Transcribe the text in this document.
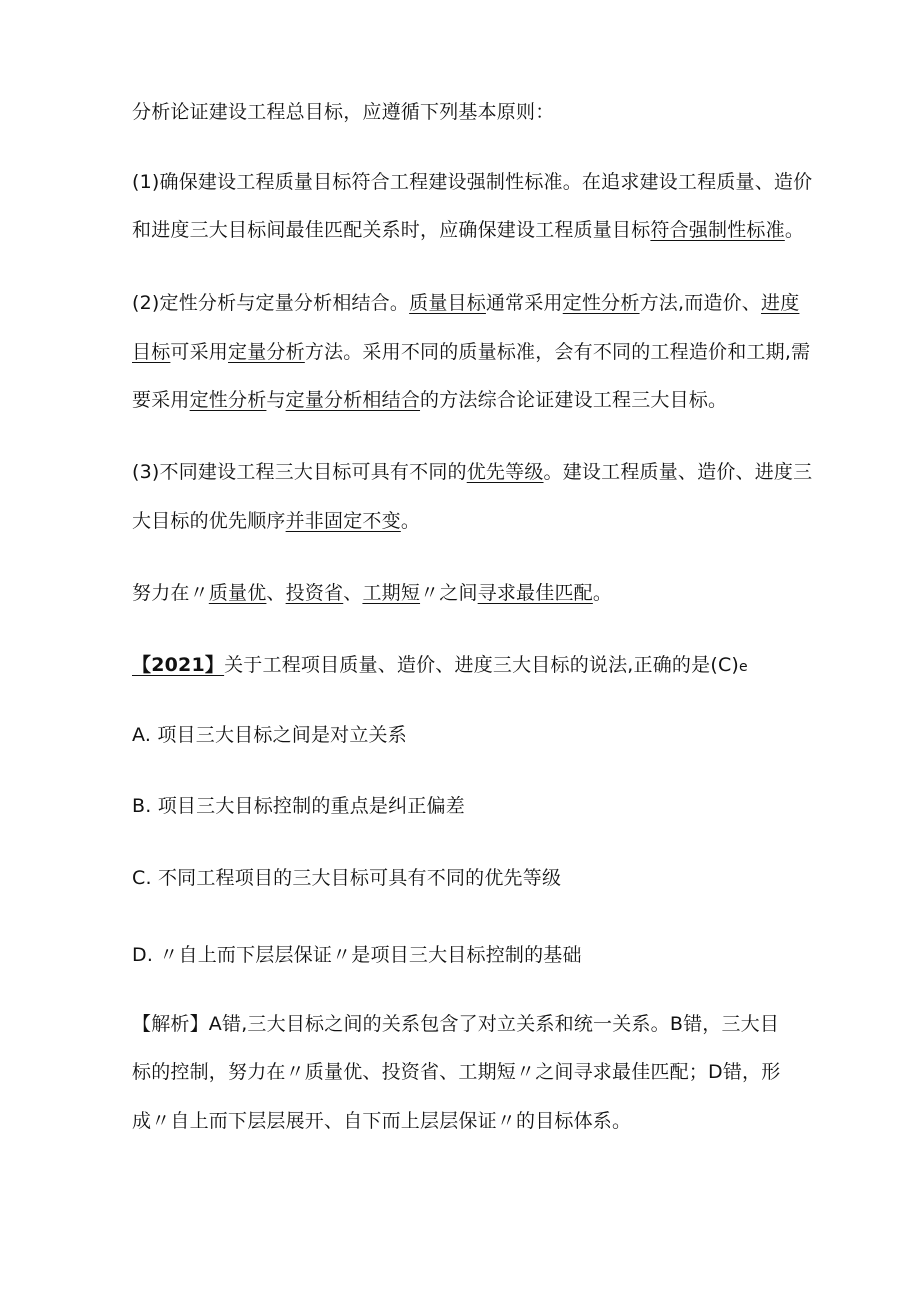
分析论证建设工程总目标，应遵循下列基本原则：
(1)确保建设工程质量目标符合工程建设强制性标准。在追求建设工程质量、造价
和进度三大目标间最佳匹配关系时，应确保建设工程质量目标符合强制性标准。
(2)定性分析与定量分析相结合。质量目标通常采用定性分析方法,而造价、进度
目标可采用定量分析方法。采用不同的质量标准，会有不同的工程造价和工期,需
要采用定性分析与定量分析相结合的方法综合论证建设工程三大目标。
(3)不同建设工程三大目标可具有不同的优先等级。建设工程质量、造价、进度三
大目标的优先顺序并非固定不变。
努力在〃质量优、投资省、工期短〃之间寻求最佳匹配。
【2021】关于工程项目质量、造价、进度三大目标的说法,正确的是(C)e
A. 项目三大目标之间是对立关系
B. 项目三大目标控制的重点是纠正偏差
C. 不同工程项目的三大目标可具有不同的优先等级
D. 〃自上而下层层保证〃是项目三大目标控制的基础
【解析】A错,三大目标之间的关系包含了对立关系和统一关系。B错，三大目
标的控制，努力在〃质量优、投资省、工期短〃之间寻求最佳匹配；D错，形
成〃自上而下层层展开、自下而上层层保证〃的目标体系。
